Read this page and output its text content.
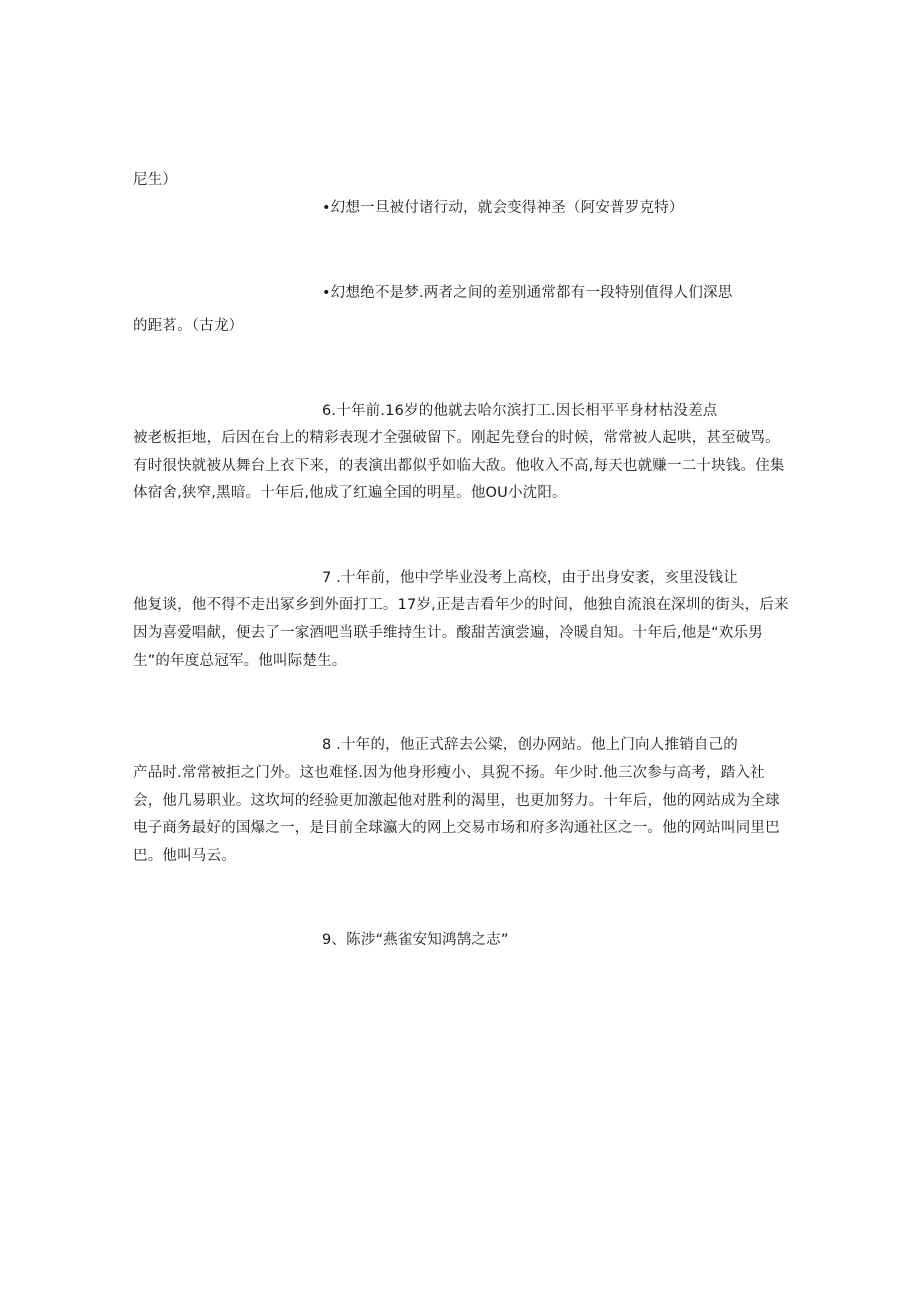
尼生）
•幻想一旦被付诸行动，就会变得神圣（阿安普罗克特）
•幻想绝不是梦.两者之间的差别通常都有一段特别值得人们深思
的距茗。（古龙）
6.十年前.16岁的他就去哈尔滨打工.因长相平平身材枯没差点
被老板拒地，后因在台上的精彩表现才全强破留下。刚起先登台的时候，常常被人起哄，甚至破骂。
有时很快就被从舞台上衣下来，的表演出都似乎如临大敌。他收入不高,每天也就赚一二十块钱。住集
体宿舍,狭窄,黑暗。十年后,他成了红遍全国的明星。他OU小沈阳。
7 .十年前，他中学毕业没考上高校，由于出身安袤，亥里没钱让
他复谈，他不得不走出冢乡到外面打工。17岁,正是吉看年少的时间，他独自流浪在深圳的街头，后来
因为喜爱唱献，便去了一家酒吧当联手维持生计。酸甜苦演尝遍，冷暖自知。十年后,他是“欢乐男
生”的年度总冠军。他叫际楚生。
8 .十年的，他正式辞去公粱，创办网站。他上门向人推销自己的
产品时.常常被拒之门外。这也难怪.因为他身形瘦小、具猊不扬。年少时.他三次参与高考，踏入社
会，他几易职业。这坎坷的经验更加激起他对胜利的渴里，也更加努力。十年后，他的网站成为全球
电子商务最好的国爆之一，是目前全球瀛大的网上交易市场和府多沟通社区之一。他的网站叫同里巴
巴。他叫马云。
9、陈涉“燕雀安知鸿鹄之志”
